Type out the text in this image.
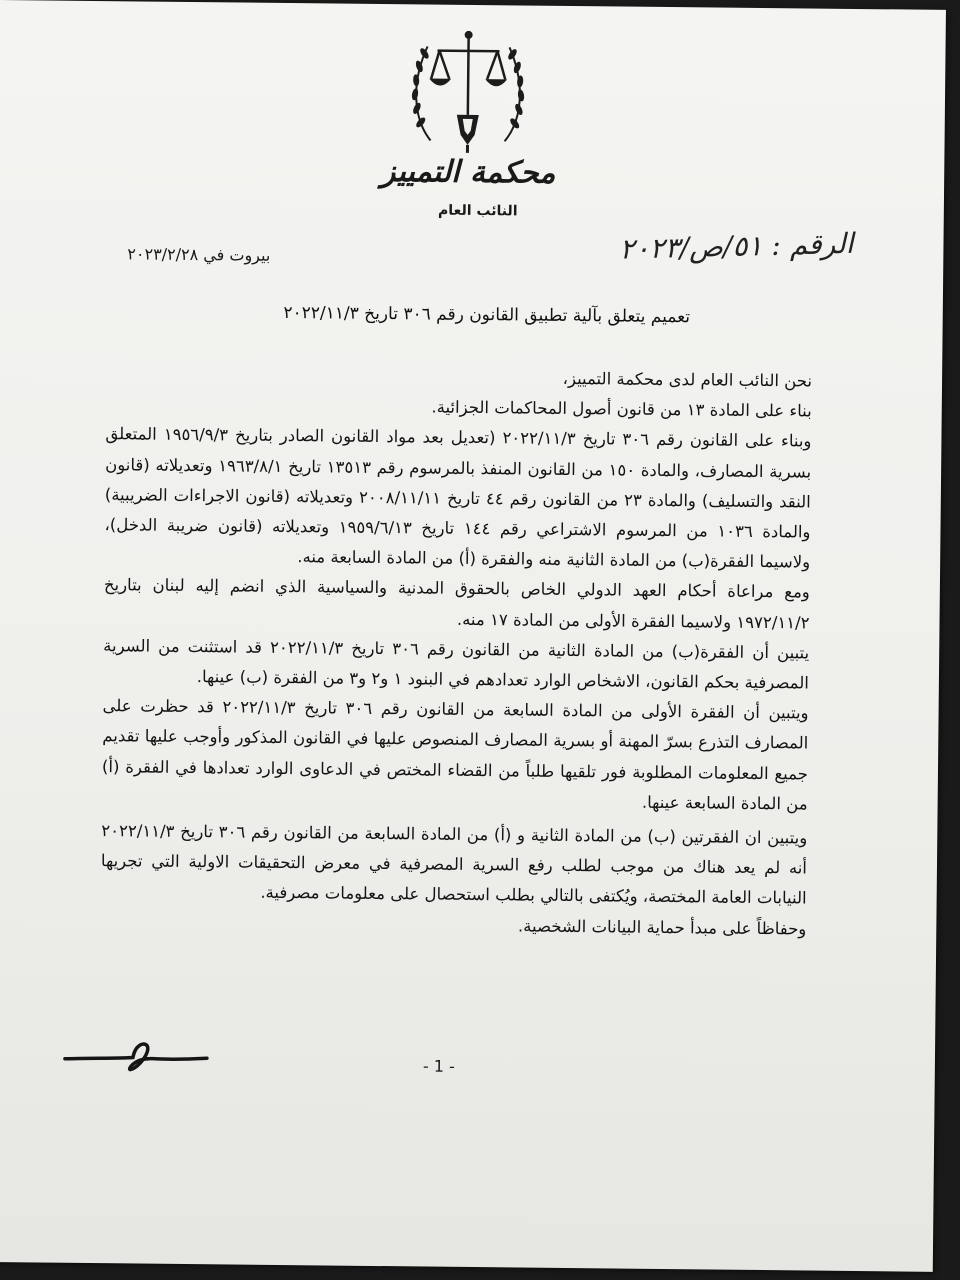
محكمة التمييز
النائب العام
الرقم : ٥١/ص/٢٠٢٣
بيروت في ٢٠٢٣/٢/٢٨
تعميم يتعلق بآلية تطبيق القانون رقم ٣٠٦ تاريخ ٢٠٢٢/١١/٣

نحن النائب العام لدى محكمة التمييز،

بناء على المادة ١٣ من قانون أصول المحاكمات الجزائية.

وبناء على القانون رقم ٣٠٦ تاريخ ٢٠٢٢/١١/٣ (تعديل بعد مواد القانون الصادر بتاريخ ١٩٥٦/٩/٣ المتعلق بسرية المصارف، والمادة ١٥٠ من القانون المنفذ بالمرسوم رقم ١٣٥١٣ تاريخ ١٩٦٣/٨/١ وتعديلاته (قانون النقد والتسليف) والمادة ٢٣ من القانون رقم ٤٤ تاريخ ٢٠٠٨/١١/١١ وتعديلاته (قانون الاجراءات الضريبية) والمادة ١٠٣٦ من المرسوم الاشتراعي رقم ١٤٤ تاريخ ١٩٥٩/٦/١٣ وتعديلاته (قانون ضريبة الدخل)، ولاسيما الفقرة(ب) من المادة الثانية منه والفقرة (أ) من المادة السابعة منه.

ومع مراعاة أحكام العهد الدولي الخاص بالحقوق المدنية والسياسية الذي انضم إليه لبنان بتاريخ ١٩٧٢/١١/٢ ولاسيما الفقرة الأولى من المادة ١٧ منه.

يتبين أن الفقرة(ب) من المادة الثانية من القانون رقم ٣٠٦ تاريخ ٢٠٢٢/١١/٣ قد استثنت من السرية المصرفية بحكم القانون، الاشخاص الوارد تعدادهم في البنود ١ و٢ و٣ من الفقرة (ب) عينها.

ويتبين أن الفقرة الأولى من المادة السابعة من القانون رقم ٣٠٦ تاريخ ٢٠٢٢/١١/٣ قد حظرت على المصارف التذرع بسرّ المهنة أو بسرية المصارف المنصوص عليها في القانون المذكور وأوجب عليها تقديم جميع المعلومات المطلوبة فور تلقيها طلباً من القضاء المختص في الدعاوى الوارد تعدادها في الفقرة (أ) من المادة السابعة عينها.

ويتبين ان الفقرتين (ب) من المادة الثانية و (أ) من المادة السابعة من القانون رقم ٣٠٦ تاريخ ٢٠٢٢/١١/٣ أنه لم يعد هناك من موجب لطلب رفع السرية المصرفية في معرض التحقيقات الاولية التي تجريها النيابات العامة المختصة، ويُكتفى بالتالي بطلب استحصال على معلومات مصرفية.

وحفاظاً على مبدأ حماية البيانات الشخصية.

- 1 -
